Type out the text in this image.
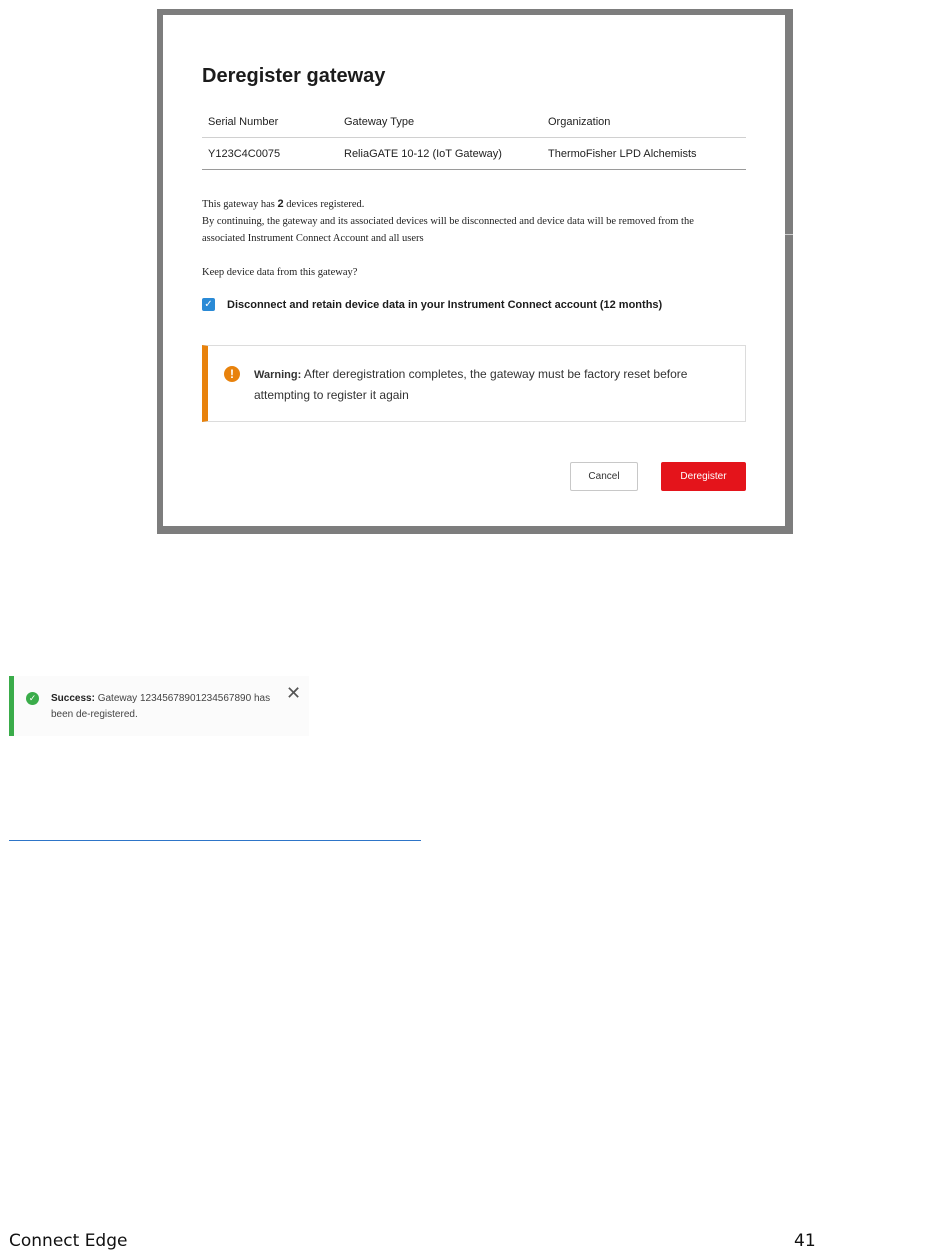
Deregister gateway
Serial Number	Gateway Type	Organization
Y123C4C0075	ReliaGATE 10-12 (IoT Gateway)	ThermoFisher LPD Alchemists
This gateway has 2 devices registered.
By continuing, the gateway and its associated devices will be disconnected and device data will be removed from the
associated Instrument Connect Account and all users
Keep device data from this gateway?
✓ Disconnect and retain device data in your Instrument Connect account (12 months)
!	Warning: After deregistration completes, the gateway must be factory reset before attempting to register it again
Cancel	Deregister
✓ Success: Gateway 12345678901234567890 has been de-registered.
✕
Connect Edge	41
